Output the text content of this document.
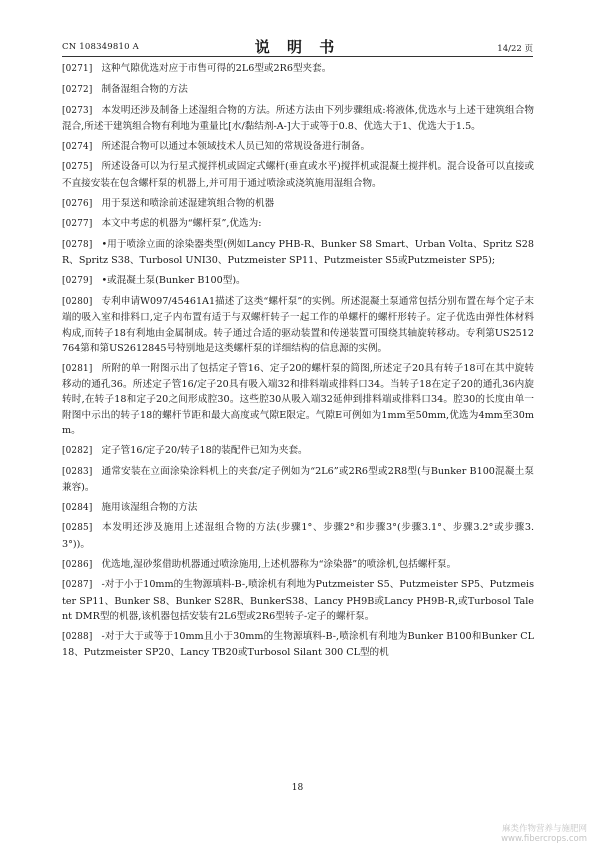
CN 108349810 A	说 明 书	14/22 页

[0271] 这种气隙优选对应于市售可得的2L6型或2R6型夹套。

[0272] 制备湿组合物的方法

[0273] 本发明还涉及制备上述湿组合物的方法。所述方法由下列步骤组成:将液体,优选水与上述干建筑组合物混合,所述干建筑组合物有利地为重量比[水/黏结剂-A-]大于或等于0.8、优选大于1、优选大于1.5。

[0274] 所述混合物可以通过本领域技术人员已知的常规设备进行制备。

[0275] 所述设备可以为行星式搅拌机或固定式螺杆(垂直或水平)搅拌机或混凝土搅拌机。混合设备可以直接或不直接安装在包含螺杆泵的机器上,并可用于通过喷涂或浇筑施用湿组合物。

[0276] 用于泵送和喷涂前述湿建筑组合物的机器

[0277] 本文中考虑的机器为“螺杆泵”,优选为:

[0278] •用于喷涂立面的涂染器类型(例如Lancy PHB-R、Bunker S8 Smart、Urban Volta、Spritz S28R、Spritz S38、Turbosol UNI30、Putzmeister SP11、Putzmeister S5或Putzmeister SP5);

[0279] •或混凝土泵(Bunker B100型)。

[0280] 专利申请W097/45461A1描述了这类“螺杆泵”的实例。所述混凝土泵通常包括分别布置在每个定子末端的吸入室和排料口,定子内布置有适于与双螺杆转子一起工作的单螺杆的螺杆形转子。定子优选由弹性体材料构成,而转子18有利地由金属制成。转子通过合适的驱动装置和传递装置可围绕其轴旋转移动。专利第US2512764第和第US2612845号特别地是这类螺杆泵的详细结构的信息源的实例。

[0281] 所附的单一附图示出了包括定子管16、定子20的螺杆泵的简图,所述定子20具有转子18可在其中旋转移动的通孔36。所述定子管16/定子20具有吸入端32和排料端或排料口34。当转子18在定子20的通孔36内旋转时,在转子18和定子20之间形成腔30。这些腔30从吸入端32延伸到排料端或排料口34。腔30的长度由单一附图中示出的转子18的螺杆节距和最大高度或气隙E限定。气隙E可例如为1mm至50mm,优选为4mm至30mm。

[0282] 定子管16/定子20/转子18的装配件已知为夹套。

[0283] 通常安装在立面涂染涂料机上的夹套/定子例如为“2L6”或2R6型或2R8型(与Bunker B100混凝土泵兼容)。

[0284] 施用该湿组合物的方法

[0285] 本发明还涉及施用上述湿组合物的方法(步骤1°、步骤2°和步骤3°(步骤3.1°、步骤3.2°或步骤3.3°))。

[0286] 优选地,湿砂浆借助机器通过喷涂施用,上述机器称为“涂染器”的喷涂机,包括螺杆泵。

[0287] -对于小于10mm的生物源填料-B-,喷涂机有利地为Putzmeister S5、Putzmeister SP5、Putzmeister SP11、Bunker S8、Bunker S28R、BunkerS38、Lancy PH9B或Lancy PH9B-R,或Turbosol Talent DMR型的机器,该机器包括安装有2L6型或2R6型转子-定子的螺杆泵。

[0288] -对于大于或等于10mm且小于30mm的生物源填料-B-,喷涂机有利地为Bunker B100和Bunker CL18、Putzmeister SP20、Lancy TB20或Turbosol Silant 300 CL型的机

18
麻类作物营养与施肥网
www.fibercrops.com
